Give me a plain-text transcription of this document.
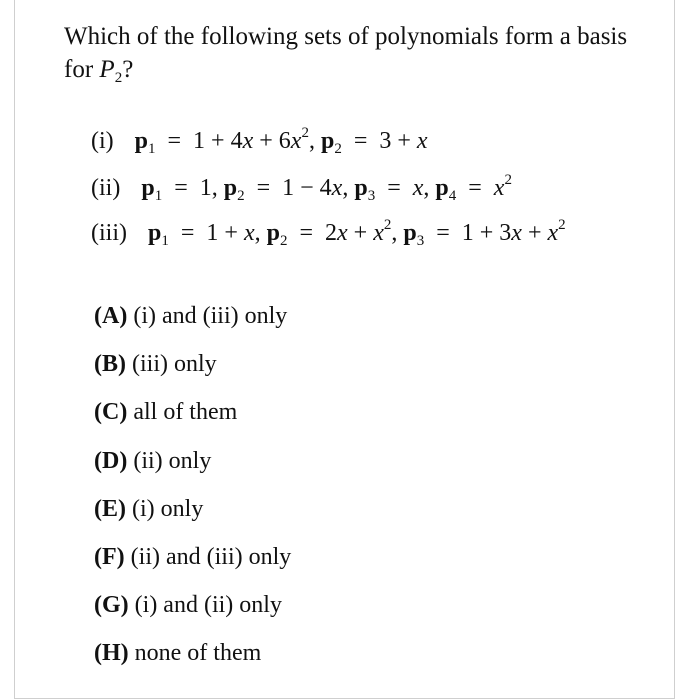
Which of the following sets of polynomials form a basis
for $P_2$?
(i) $p_1 = 1 + 4x + 6x^2$, $p_2 = 3 + x$
(ii) $p_1 = 1$, $p_2 = 1 - 4x$, $p_3 = x$, $p_4 = x^2$
(iii) $p_1 = 1 + x$, $p_2 = 2x + x^2$, $p_3 = 1 + 3x + x^2$
(A) (i) and (iii) only
(B) (iii) only
(C) all of them
(D) (ii) only
(E) (i) only
(F) (ii) and (iii) only
(G) (i) and (ii) only
(H) none of them
